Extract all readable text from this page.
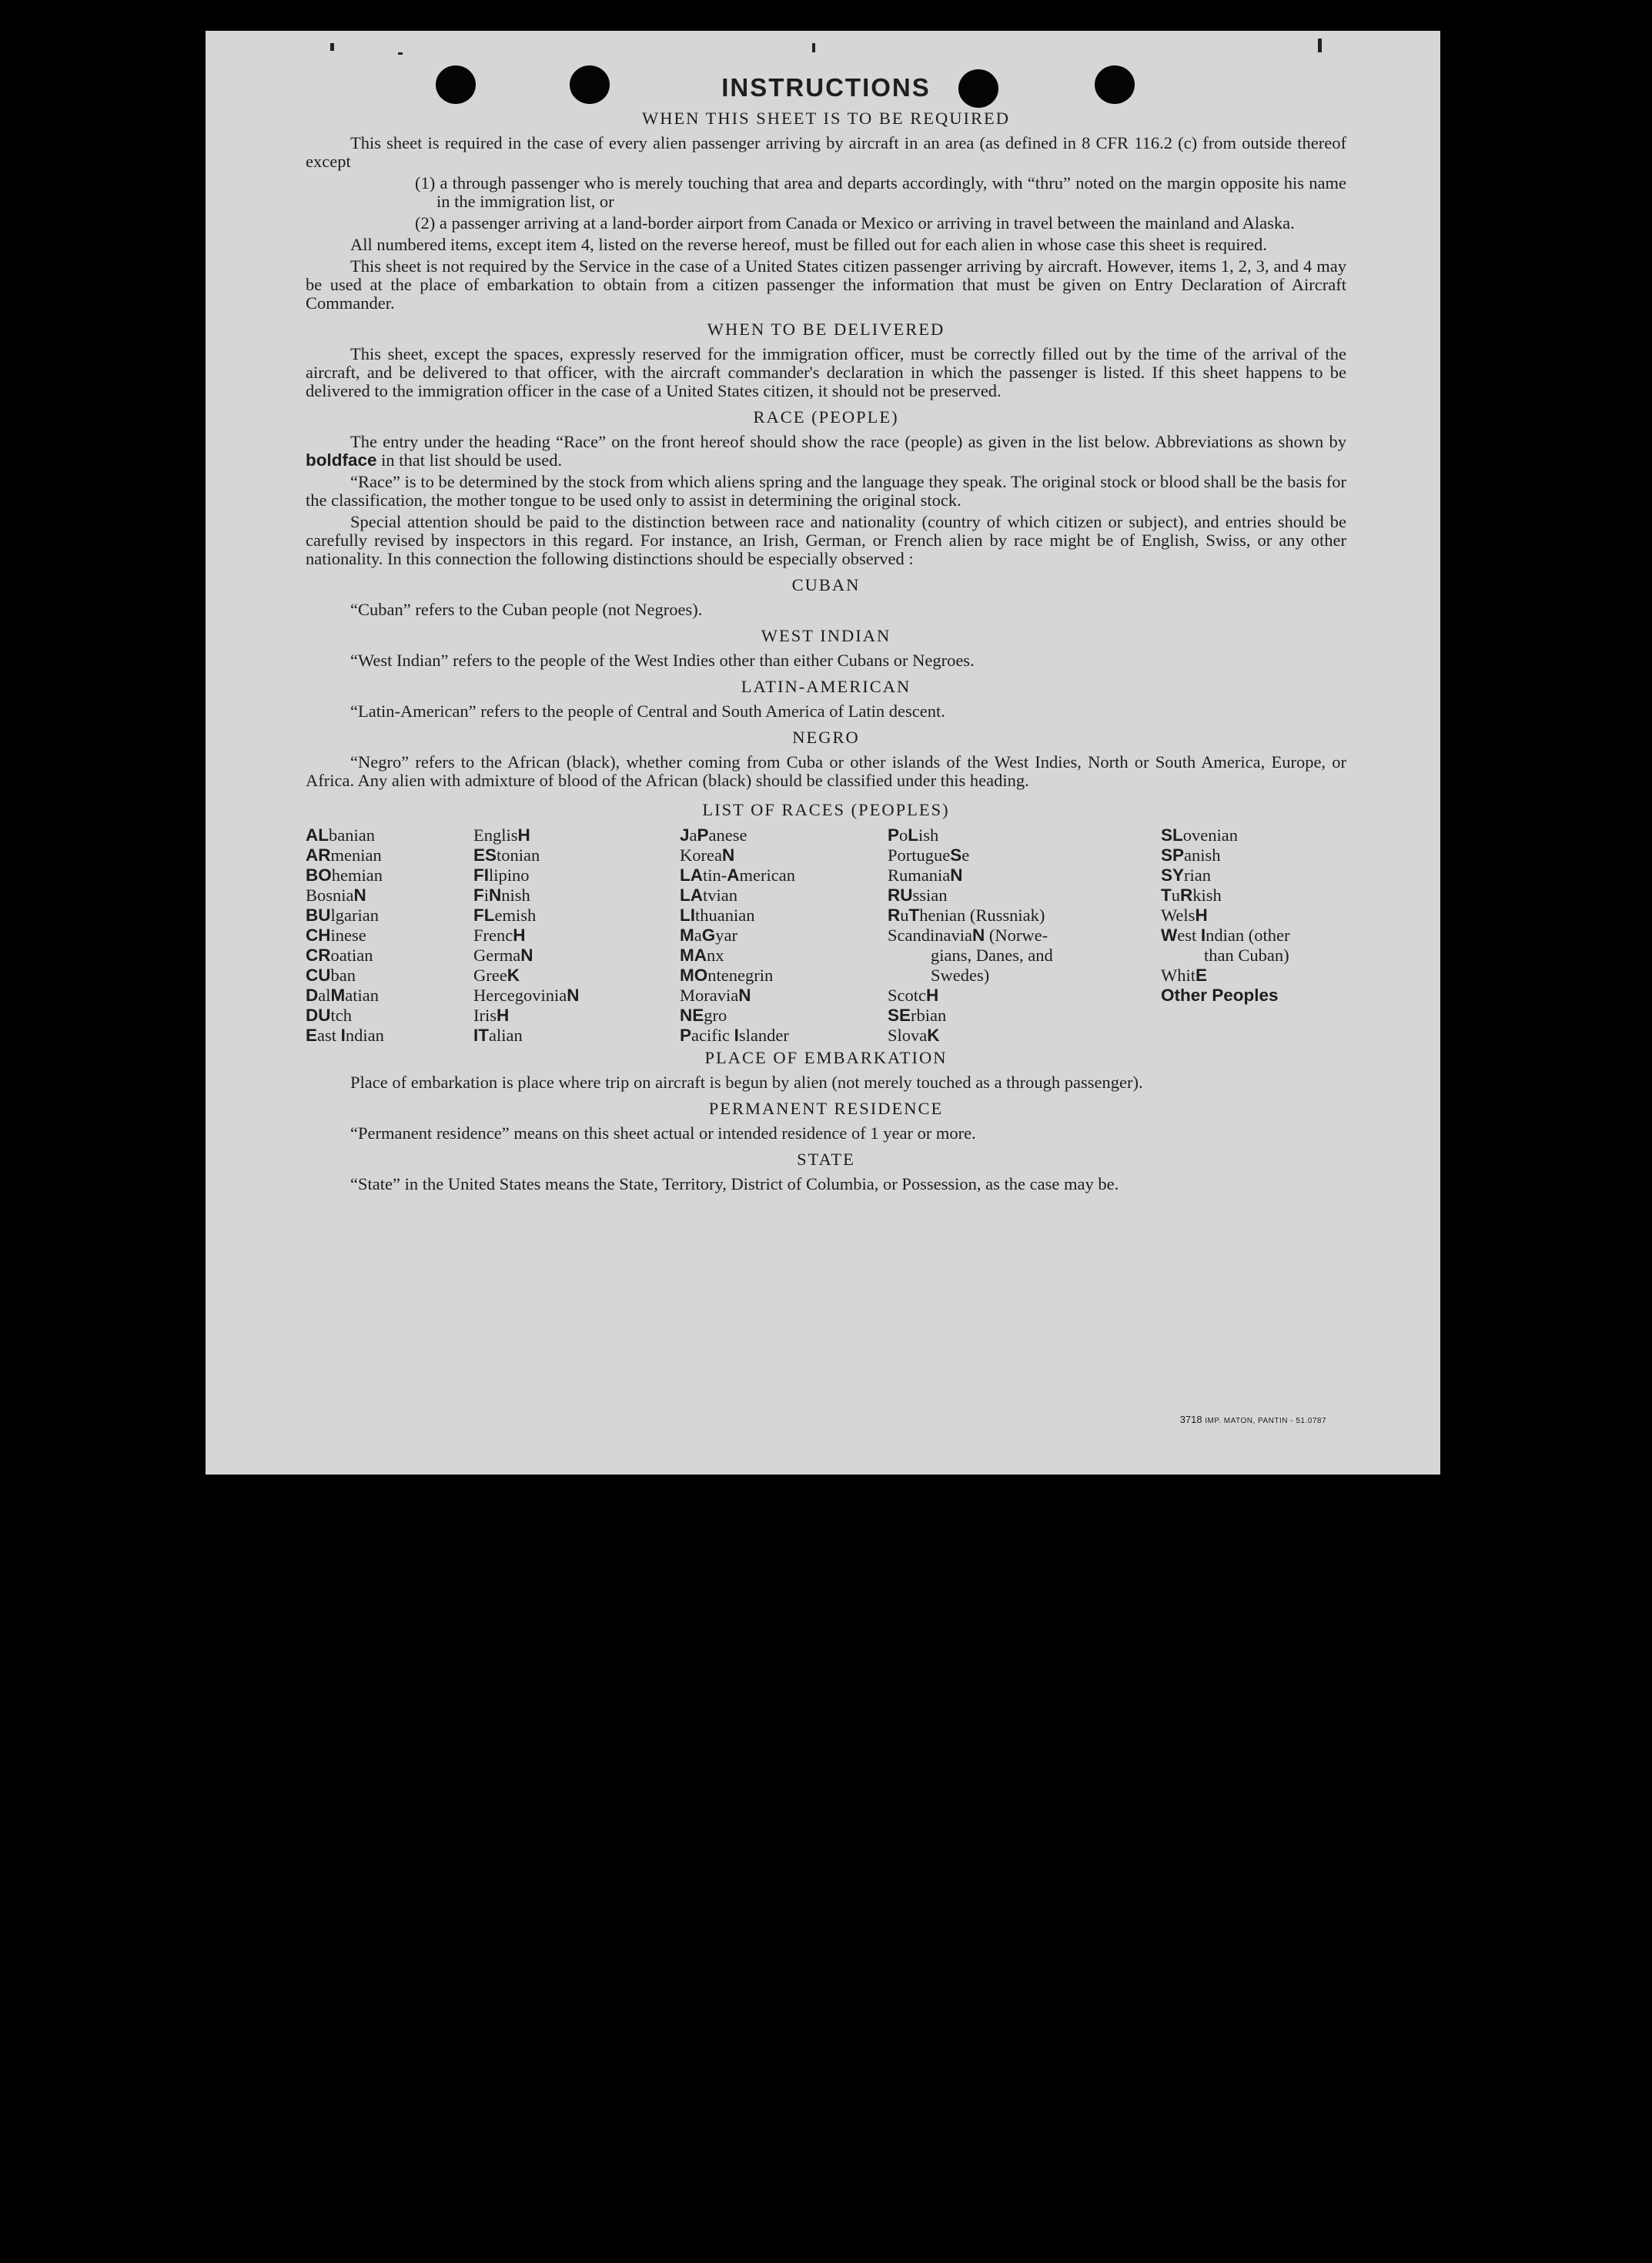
INSTRUCTIONS
WHEN THIS SHEET IS TO BE REQUIRED

This sheet is required in the case of every alien passenger arriving by aircraft in an area (as defined in 8 CFR 116.2 (c) from outside thereof except

(1) a through passenger who is merely touching that area and departs accordingly, with “thru” noted on the margin opposite his name in the immigration list, or

(2) a passenger arriving at a land-border airport from Canada or Mexico or arriving in travel between the mainland and Alaska.

All numbered items, except item 4, listed on the reverse hereof, must be filled out for each alien in whose case this sheet is required.

This sheet is not required by the Service in the case of a United States citizen passenger arriving by aircraft. However, items 1, 2, 3, and 4 may be used at the place of embarkation to obtain from a citizen passenger the information that must be given on Entry Declaration of Aircraft Commander.

WHEN TO BE DELIVERED

This sheet, except the spaces, expressly reserved for the immigration officer, must be correctly filled out by the time of the arrival of the aircraft, and be delivered to that officer, with the aircraft commander's declaration in which the passenger is listed. If this sheet happens to be delivered to the immigration officer in the case of a United States citizen, it should not be preserved.

RACE (PEOPLE)

The entry under the heading “Race” on the front hereof should show the race (people) as given in the list below. Abbreviations as shown by boldface in that list should be used.

“Race” is to be determined by the stock from which aliens spring and the language they speak. The original stock or blood shall be the basis for the classification, the mother tongue to be used only to assist in determining the original stock.

Special attention should be paid to the distinction between race and nationality (country of which citizen or subject), and entries should be carefully revised by inspectors in this regard. For instance, an Irish, German, or French alien by race might be of English, Swiss, or any other nationality. In this connection the following distinctions should be especially observed :

CUBAN

“Cuban” refers to the Cuban people (not Negroes).

WEST INDIAN

“West Indian” refers to the people of the West Indies other than either Cubans or Negroes.

LATIN-AMERICAN

“Latin-American” refers to the people of Central and South America of Latin descent.

NEGRO

“Negro” refers to the African (black), whether coming from Cuba or other islands of the West Indies, North or South America, Europe, or Africa. Any alien with admixture of blood of the African (black) should be classified under this heading.

LIST OF RACES (PEOPLES)
ALbanian
ARmenian
BOhemian
BosniaN
BUlgarian
CHinese
CRoatian
CUban
DalMatian
DUtch
East Indian
EnglisH
EStonian
FIlipino
FiNnish
FLemish
FrencH
GermaN
GreeK
HercegoviniaN
IrisH
ITalian
JaPanese
KoreaN
LAtin-American
LAtvian
LIthuanian
MaGyar
MAnx
MOntenegrin
MoraviaN
NEgro
Pacific Islander
PoLish
PortugueSe
RumaniaN
RUssian
RuThenian (Russniak)
ScandinaviaN (Norwe-
gians, Danes, and
Swedes)
ScotcH
SErbian
SlovaK
SLovenian
SPanish
SYrian
TuRkish
WelsH
West Indian (other
than Cuban)
WhitE
Other Peoples
PLACE OF EMBARKATION

Place of embarkation is place where trip on aircraft is begun by alien (not merely touched as a through passenger).

PERMANENT RESIDENCE

“Permanent residence” means on this sheet actual or intended residence of 1 year or more.

STATE

“State” in the United States means the State, Territory, District of Columbia, or Possession, as the case may be.

3718 IMP. MATON, PANTIN - 51.0787
